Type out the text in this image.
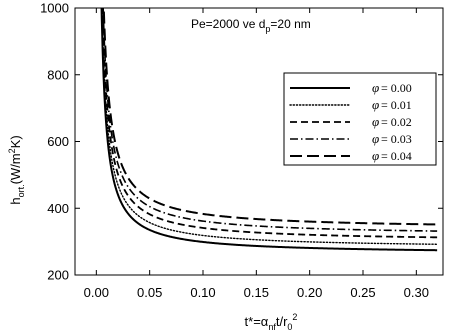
0.00 0.05 0.10 0.15 0.20 0.25 0.30
200
400
600
800
1000
Pe=2000 ve $d_p=20$ nm
φ = 0.00
φ = 0.01
φ = 0.02
φ = 0.03
φ = 0.04
$h_{ort.}(W/m^2K)$
$t*=\alpha_{nf}t/r_0^2$
